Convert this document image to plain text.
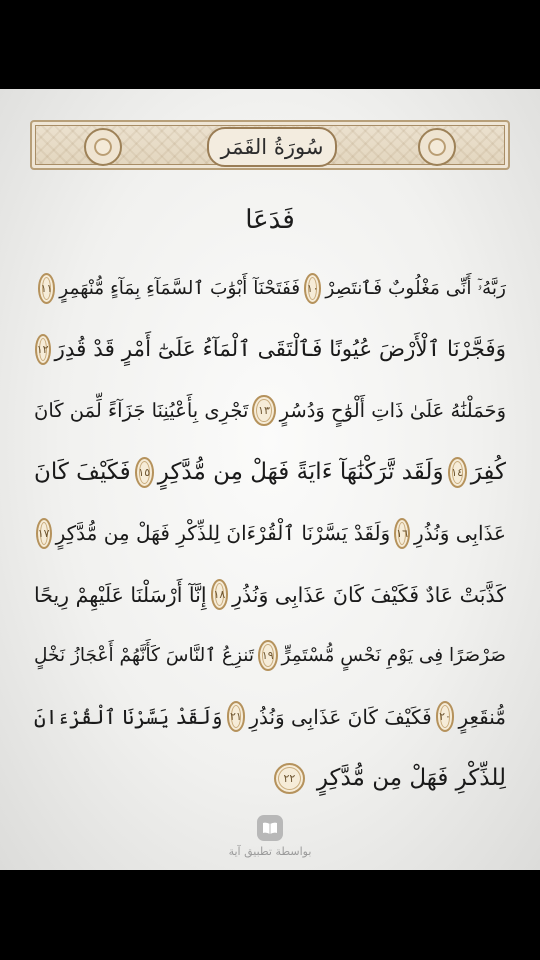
سُورَةُ القَمَر
فَدَعَا
رَبَّهُۥٓ أَنِّى مَغْلُوبٌ فَٱنتَصِرْ
١٠
فَفَتَحْنَآ أَبْوَٰبَ ٱلسَّمَآءِ بِمَآءٍ مُّنْهَمِرٍ
١١
وَفَجَّرْنَا ٱلْأَرْضَ عُيُونًا فَٱلْتَقَى ٱلْمَآءُ عَلَىٰٓ أَمْرٍ قَدْ قُدِرَ
١٢
وَحَمَلْنَٰهُ عَلَىٰ ذَاتِ أَلْوَٰحٍ وَدُسُرٍ
١٣
تَجْرِى بِأَعْيُنِنَا جَزَآءً لِّمَن كَانَ
كُفِرَ
١٤
وَلَقَد تَّرَكْنَٰهَآ ءَايَةً فَهَلْ مِن مُّدَّكِرٍ
١٥
فَكَيْفَ كَانَ
عَذَابِى وَنُذُرِ
١٦
وَلَقَدْ يَسَّرْنَا ٱلْقُرْءَانَ لِلذِّكْرِ فَهَلْ مِن مُّدَّكِرٍ
١٧
كَذَّبَتْ عَادٌ فَكَيْفَ كَانَ عَذَابِى وَنُذُرِ
١٨
إِنَّآ أَرْسَلْنَا عَلَيْهِمْ رِيحًا
صَرْصَرًا فِى يَوْمِ نَحْسٍ مُّسْتَمِرٍّ
١٩
تَنزِعُ ٱلنَّاسَ كَأَنَّهُمْ أَعْجَازُ نَخْلٍ
مُّنقَعِرٍ
٢٠
فَكَيْفَ كَانَ عَذَابِى وَنُذُرِ
٢١
وَلَقَدْ يَسَّرْنَا ٱلْقُرْءَانَ
لِلذِّكْرِ فَهَلْ مِن مُّدَّكِرٍ
٢٢
بواسطة تطبيق آية
